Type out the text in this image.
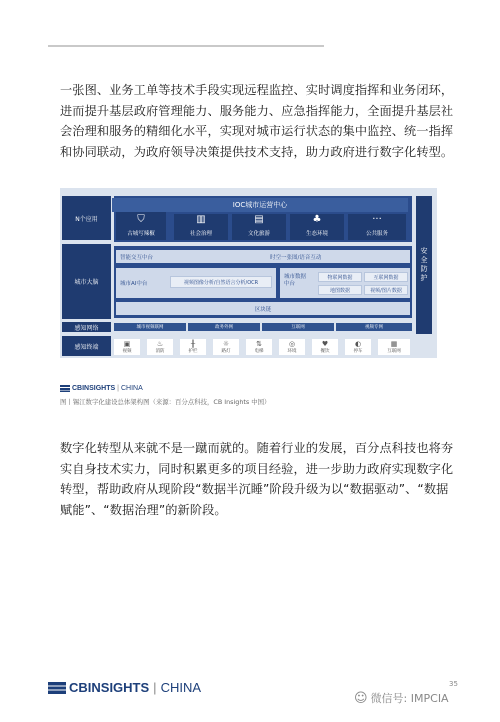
一张图、业务工单等技术手段实现远程监控、实时调度指挥和业务闭环，进而提升基层政府管理能力、服务能力、应急指挥能力，全面提升基层社会治理和服务的精细化水平，实现对城市运行状态的集中监控、统一指挥和协同联动，为政府领导决策提供技术支持，助力政府进行数字化转型。

N个应用
城市大脑
感知网络
感知终端
⛉
古城写辣椒
IOC城市运营中心
▥
社会治理
▤
文化旅游
♣
生态环境
···
公共服务
智能交互中台	时空一张图/语音互动
城市AI中台	视频图像分析/自然语言分析/OCR
城市数据中台
物联网数据	互联网数据
地图数据	视频/图片数据
区块链
城市视频联网	政务外网	互联网	视频专网
▣
视频
♨
消防
╫
护栏
☼
路灯
⇅
电梯
◎
环境
♥
餐饮
◐
停车
▦
互联网
安全防护
CBINSIGHTS | CHINA
图丨锡江数字化建设总体架构图（来源：百分点科技，CB Insights 中国）

数字化转型从来就不是一蹴而就的。随着行业的发展，百分点科技也将夯实自身技术实力，同时积累更多的项目经验，进一步助力政府实现数字化转型，帮助政府从现阶段“数据半沉睡”阶段升级为以“数据驱动”、“数据赋能”、“数据治理”的新阶段。

CBINSIGHTS | CHINA	35
☺ 微信号: IMPCIA
